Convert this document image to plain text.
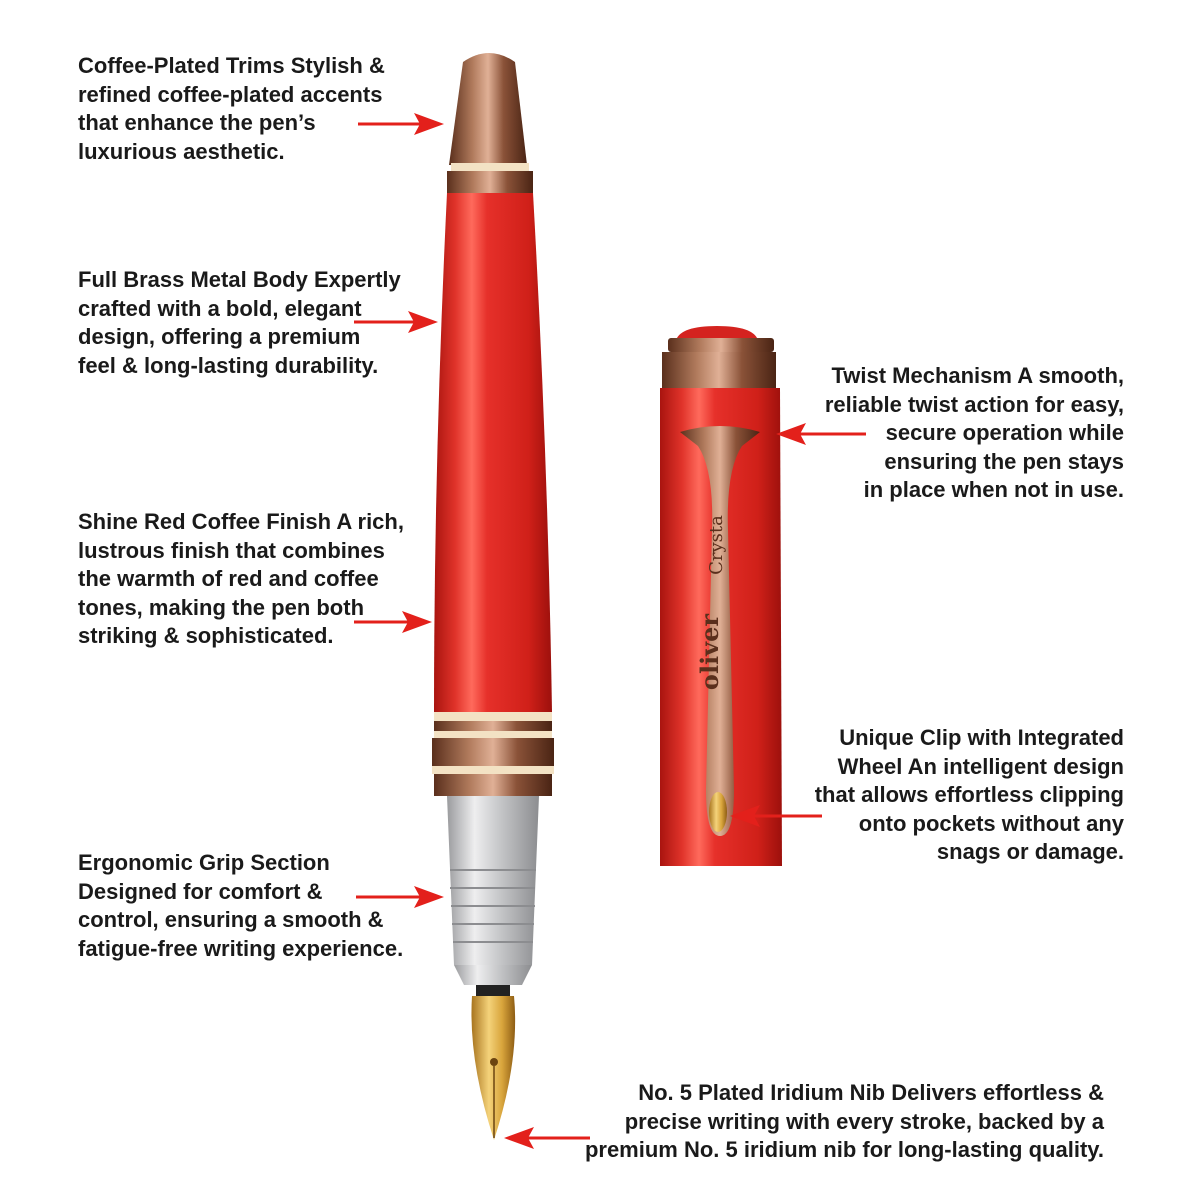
oliver
Crysta
Coffee-Plated Trims Stylish &
refined coffee-plated accents
that enhance the pen’s
luxurious aesthetic.
Full Brass Metal Body Expertly
crafted with a bold, elegant
design, offering a premium
feel & long-lasting durability.
Shine Red Coffee Finish A rich,
lustrous finish that combines
the warmth of red and coffee
tones, making the pen both
striking & sophisticated.
Ergonomic Grip Section
Designed for comfort &
control, ensuring a smooth &
fatigue-free writing experience.
Twist Mechanism A smooth,
reliable twist action for easy,
secure operation while
ensuring the pen stays
in place when not in use.
Unique Clip with Integrated
Wheel An intelligent design
that allows effortless clipping
onto pockets without any
snags or damage.
No. 5 Plated Iridium Nib Delivers effortless &
precise writing with every stroke, backed by a
premium No. 5 iridium nib for long-lasting quality.
